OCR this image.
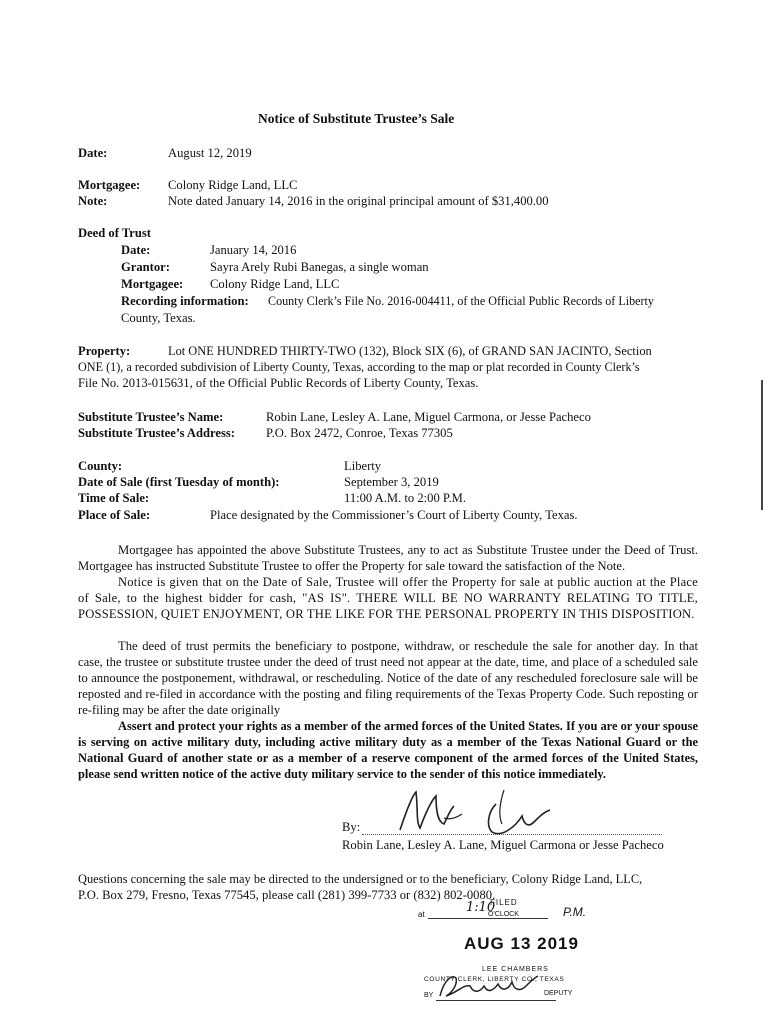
Notice of Substitute Trustee’s Sale
Date:	August 12, 2019
Mortgagee: Colony Ridge Land, LLC
Note:	Note dated January 14, 2016 in the original principal amount of $31,400.00
Deed of Trust
Date:	January 14, 2016
Grantor:	Sayra Arely Rubi Banegas, a single woman
Mortgagee: Colony Ridge Land, LLC
Recording information: County Clerk’s File No. 2016-004411, of the Official Public Records of Liberty
County, Texas.
Property:	Lot ONE HUNDRED THIRTY-TWO (132), Block SIX (6), of GRAND SAN JACINTO, Section
ONE (1), a recorded subdivision of Liberty County, Texas, according to the map or plat recorded in County Clerk’s
File No. 2013-015631, of the Official Public Records of Liberty County, Texas.
Substitute Trustee’s Name:	Robin Lane, Lesley A. Lane, Miguel Carmona, or Jesse Pacheco
Substitute Trustee’s Address: P.O. Box 2472, Conroe, Texas 77305
County:	Liberty
Date of Sale (first Tuesday of month):	September 3, 2019
Time of Sale:	11:00 A.M. to 2:00 P.M.
Place of Sale:	Place designated by the Commissioner’s Court of Liberty County, Texas.
Mortgagee has appointed the above Substitute Trustees, any to act as Substitute Trustee under the Deed of Trust. Mortgagee has instructed Substitute Trustee to offer the Property for sale toward the satisfaction of the Note.
Notice is given that on the Date of Sale, Trustee will offer the Property for sale at public auction at the Place of Sale, to the highest bidder for cash, "AS IS". THERE WILL BE NO WARRANTY RELATING TO TITLE, POSSESSION, QUIET ENJOYMENT, OR THE LIKE FOR THE PERSONAL PROPERTY IN THIS DISPOSITION.
The deed of trust permits the beneficiary to postpone, withdraw, or reschedule the sale for another day. In that case, the trustee or substitute trustee under the deed of trust need not appear at the date, time, and place of a scheduled sale to announce the postponement, withdrawal, or rescheduling. Notice of the date of any rescheduled foreclosure sale will be reposted and re-filed in accordance with the posting and filing requirements of the Texas Property Code. Such reposting or re-filing may be after the date originally
Assert and protect your rights as a member of the armed forces of the United States. If you are or your spouse is serving on active military duty, including active military duty as a member of the Texas National Guard or the National Guard of another state or as a member of a reserve component of the armed forces of the United States, please send written notice of the active duty military service to the sender of this notice immediately.
By:
Robin Lane, Lesley A. Lane, Miguel Carmona or Jesse Pacheco
Questions concerning the sale may be directed to the undersigned or to the beneficiary, Colony Ridge Land, LLC,
P.O. Box 279, Fresno, Texas 77545, please call (281) 399-7733 or (832) 802-0080.
FILED
at	1:10
O'CLOCK	P.M.
AUG 13 2019
LEE CHAMBERS
COUNTY CLERK, LIBERTY CO., TEXAS
BY	DEPUTY
